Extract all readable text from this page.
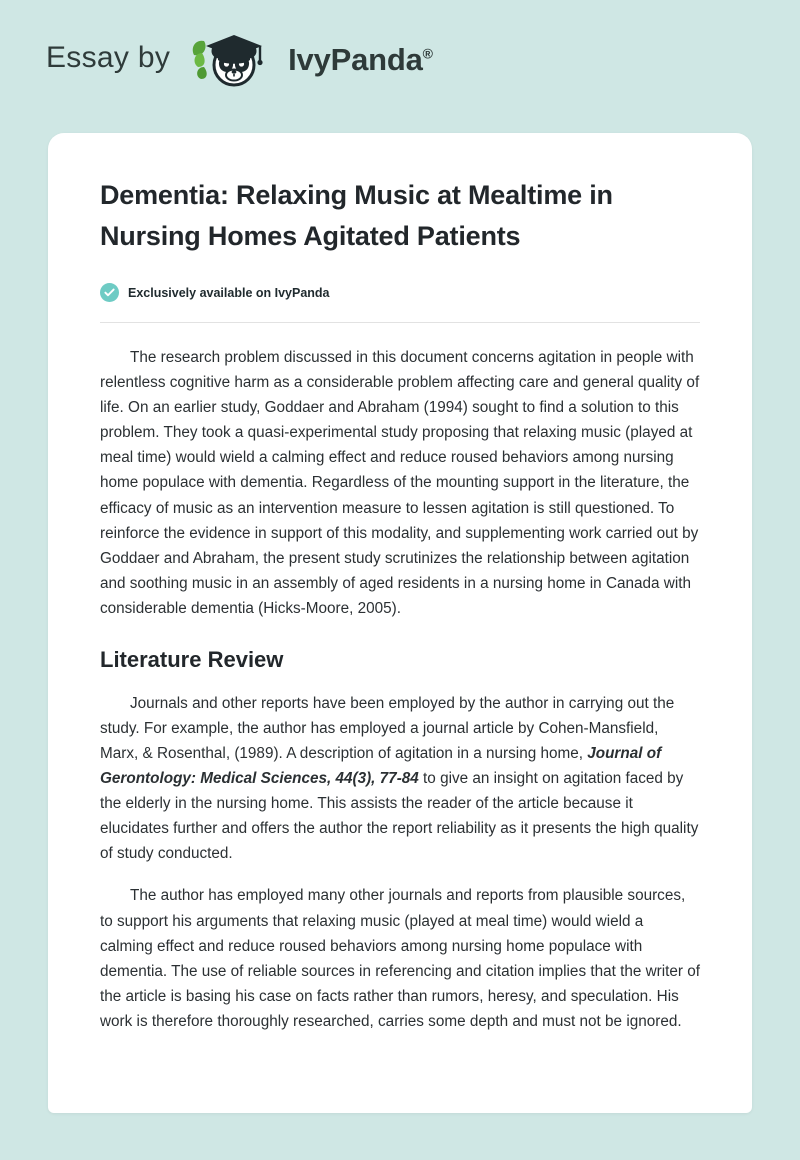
Essay by	IvyPanda®
Dementia: Relaxing Music at Mealtime in Nursing Homes Agitated Patients
Exclusively available on IvyPanda

The research problem discussed in this document concerns agitation in people with relentless cognitive harm as a considerable problem affecting care and general quality of life. On an earlier study, Goddaer and Abraham (1994) sought to find a solution to this problem. They took a quasi-experimental study proposing that relaxing music (played at meal time) would wield a calming effect and reduce roused behaviors among nursing home populace with dementia. Regardless of the mounting support in the literature, the efficacy of music as an intervention measure to lessen agitation is still questioned. To reinforce the evidence in support of this modality, and supplementing work carried out by Goddaer and Abraham, the present study scrutinizes the relationship between agitation and soothing music in an assembly of aged residents in a nursing home in Canada with considerable dementia (Hicks-Moore, 2005).

Literature Review

Journals and other reports have been employed by the author in carrying out the study. For example, the author has employed a journal article by Cohen-Mansfield, Marx, & Rosenthal, (1989). A description of agitation in a nursing home, Journal of Gerontology: Medical Sciences, 44(3), 77-84 to give an insight on agitation faced by the elderly in the nursing home. This assists the reader of the article because it elucidates further and offers the author the report reliability as it presents the high quality of study conducted.

The author has employed many other journals and reports from plausible sources, to support his arguments that relaxing music (played at meal time) would wield a calming effect and reduce roused behaviors among nursing home populace with dementia. The use of reliable sources in referencing and citation implies that the writer of the article is basing his case on facts rather than rumors, heresy, and speculation. His work is therefore thoroughly researched, carries some depth and must not be ignored.
